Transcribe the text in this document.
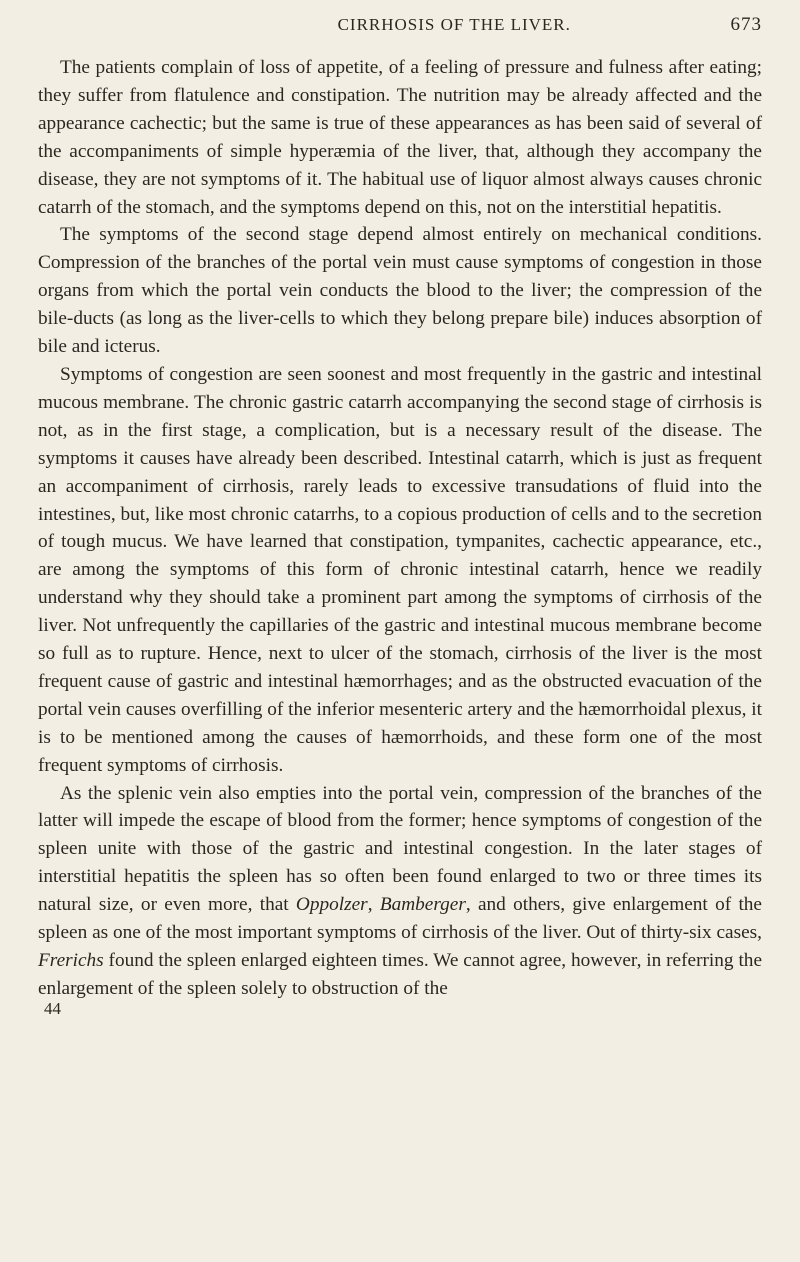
CIRRHOSIS OF THE LIVER.	673

The patients complain of loss of appetite, of a feeling of pressure and fulness after eating; they suffer from flatulence and constipation. The nutrition may be already affected and the appearance cachectic; but the same is true of these appearances as has been said of several of the accompaniments of simple hyperæmia of the liver, that, although they accompany the disease, they are not symptoms of it. The habitual use of liquor almost always causes chronic catarrh of the stomach, and the symptoms depend on this, not on the interstitial hepatitis.

The symptoms of the second stage depend almost entirely on mechanical conditions. Compression of the branches of the portal vein must cause symptoms of congestion in those organs from which the portal vein conducts the blood to the liver; the compression of the bile-ducts (as long as the liver-cells to which they belong prepare bile) induces absorption of bile and icterus.

Symptoms of congestion are seen soonest and most frequently in the gastric and intestinal mucous membrane. The chronic gastric catarrh accompanying the second stage of cirrhosis is not, as in the first stage, a complication, but is a necessary result of the disease. The symptoms it causes have already been described. Intestinal catarrh, which is just as frequent an accompaniment of cirrhosis, rarely leads to excessive transudations of fluid into the intestines, but, like most chronic catarrhs, to a copious production of cells and to the secretion of tough mucus. We have learned that constipation, tympanites, cachectic appearance, etc., are among the symptoms of this form of chronic intestinal catarrh, hence we readily understand why they should take a prominent part among the symptoms of cirrhosis of the liver. Not unfrequently the capillaries of the gastric and intestinal mucous membrane become so full as to rupture. Hence, next to ulcer of the stomach, cirrhosis of the liver is the most frequent cause of gastric and intestinal hæmorrhages; and as the obstructed evacuation of the portal vein causes overfilling of the inferior mesenteric artery and the hæmorrhoidal plexus, it is to be mentioned among the causes of hæmorrhoids, and these form one of the most frequent symptoms of cirrhosis.

As the splenic vein also empties into the portal vein, compression of the branches of the latter will impede the escape of blood from the former; hence symptoms of congestion of the spleen unite with those of the gastric and intestinal congestion. In the later stages of interstitial hepatitis the spleen has so often been found enlarged to two or three times its natural size, or even more, that Oppolzer, Bamberger, and others, give enlargement of the spleen as one of the most important symptoms of cirrhosis of the liver. Out of thirty-six cases, Frerichs found the spleen enlarged eighteen times. We cannot agree, however, in referring the enlargement of the spleen solely to obstruction of the

44
